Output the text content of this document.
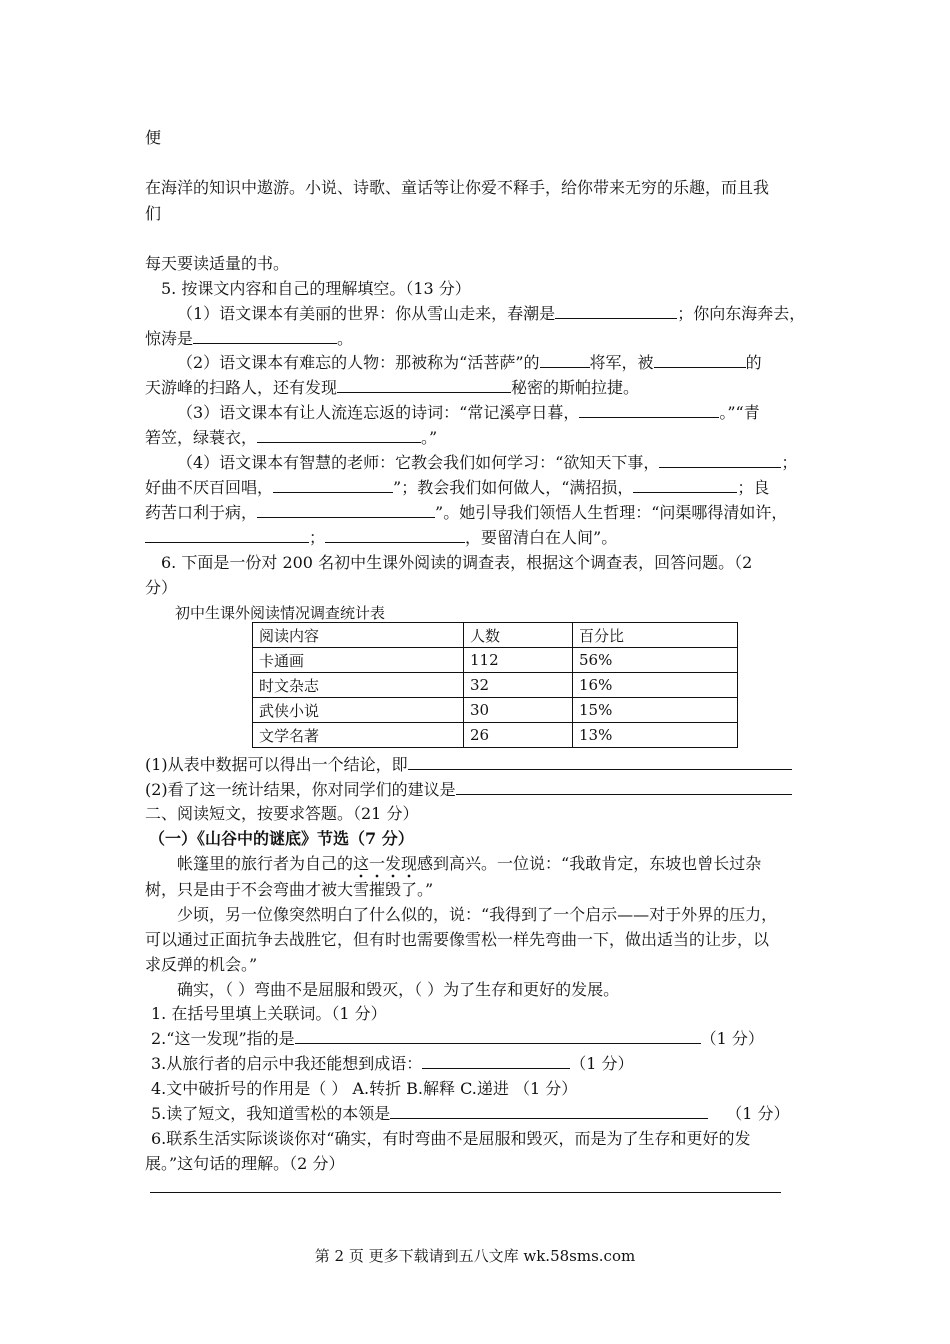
便
在海洋的知识中遨游。小说、诗歌、童话等让你爱不释手，给你带来无穷的乐趣，而且我
们
每天要读适量的书。
5. 按课文内容和自己的理解填空。（13 分）
（1）语文课本有美丽的世界：你从雪山走来，春潮是	；你向东海奔去，
惊涛是	。
（2）语文课本有难忘的人物：那被称为“活菩萨”的	将军，被	的
天游峰的扫路人，还有发现	秘密的斯帕拉捷。
（3）语文课本有让人流连忘返的诗词：“常记溪亭日暮，	。”“青
箬笠，绿蓑衣，	。”
（4）语文课本有智慧的老师：它教会我们如何学习：“欲知天下事，	；
好曲不厌百回唱，	”；教会我们如何做人，“满招损，	；良
药苦口利于病，	”。她引导我们领悟人生哲理：“问渠哪得清如许，
；	，要留清白在人间”。
6. 下面是一份对 200 名初中生课外阅读的调查表，根据这个调查表，回答问题。（2
分）
初中生课外阅读情况调查统计表
阅读内容	人数	百分比
卡通画	112	56%
时文杂志	32	16%
武侠小说	30	15%
文学名著	26	13%
(1)从表中数据可以得出一个结论，即
(2)看了这一统计结果，你对同学们的建议是
二、阅读短文，按要求答题。（21 分）
（一）《山谷中的谜底》节选（7 分）
帐篷里的旅行者为自己的这一发现感到高兴。一位说：“我敢肯定，东坡也曾长过杂
树，只是由于不会弯曲才被大雪摧毁了。”
少顷，另一位像突然明白了什么似的，说：“我得到了一个启示——对于外界的压力，
可以通过正面抗争去战胜它，但有时也需要像雪松一样先弯曲一下，做出适当的让步，以
求反弹的机会。”
确实，（ ）弯曲不是屈服和毁灭，（ ）为了生存和更好的发展。
1. 在括号里填上关联词。（1 分）
2.“这一发现”指的是	（1 分）
3.从旅行者的启示中我还能想到成语：	（1 分）
4.文中破折号的作用是（ ） A.转折 B.解释 C.递进 （1 分）
5.读了短文，我知道雪松的本领是	（1 分）
6.联系生活实际谈谈你对“确实，有时弯曲不是屈服和毁灭，而是为了生存和更好的发
展。”这句话的理解。（2 分）
第 2 页 更多下载请到五八文库 wk.58sms.com
